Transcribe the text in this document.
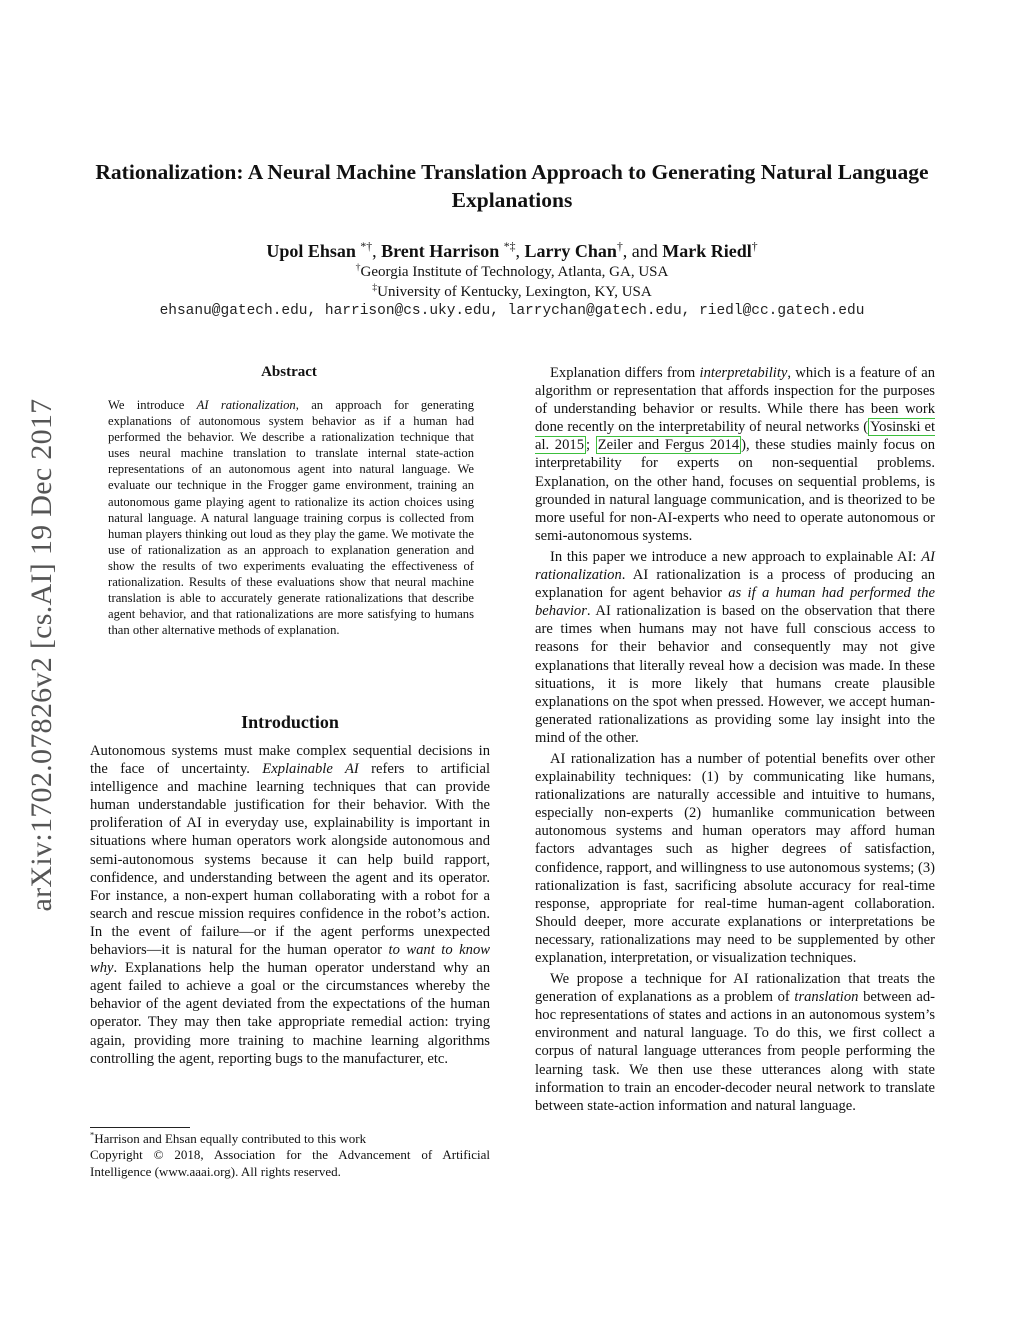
arXiv:1702.07826v2 [cs.AI] 19 Dec 2017
Rationalization: A Neural Machine Translation Approach to Generating Natural Language Explanations
Upol Ehsan *†, Brent Harrison *‡, Larry Chan†, and Mark Riedl†
†Georgia Institute of Technology, Atlanta, GA, USA
‡University of Kentucky, Lexington, KY, USA
ehsanu@gatech.edu, harrison@cs.uky.edu, larrychan@gatech.edu, riedl@cc.gatech.edu
Abstract

We introduce AI rationalization, an approach for generating explanations of autonomous system behavior as if a human had performed the behavior. We describe a rationalization technique that uses neural machine translation to translate internal state-action representations of an autonomous agent into natural language. We evaluate our technique in the Frogger game environment, training an autonomous game playing agent to rationalize its action choices using natural language. A natural language training corpus is collected from human players thinking out loud as they play the game. We motivate the use of rationalization as an approach to explanation generation and show the results of two experiments evaluating the effectiveness of rationalization. Results of these evaluations show that neural machine translation is able to accurately generate rationalizations that describe agent behavior, and that rationalizations are more satisfying to humans than other alternative methods of explanation.

Introduction

Autonomous systems must make complex sequential decisions in the face of uncertainty. Explainable AI refers to artificial intelligence and machine learning techniques that can provide human understandable justification for their behavior. With the proliferation of AI in everyday use, explainability is important in situations where human operators work alongside autonomous and semi-autonomous systems because it can help build rapport, confidence, and understanding between the agent and its operator. For instance, a non-expert human collaborating with a robot for a search and rescue mission requires confidence in the robot’s action. In the event of failure—or if the agent performs unexpected behaviors—it is natural for the human operator to want to know why. Explanations help the human operator understand why an agent failed to achieve a goal or the circumstances whereby the behavior of the agent deviated from the expectations of the human operator. They may then take appropriate remedial action: trying again, providing more training to machine learning algorithms controlling the agent, reporting bugs to the manufacturer, etc.

*Harrison and Ehsan equally contributed to this work

Copyright © 2018, Association for the Advancement of Artificial Intelligence (www.aaai.org). All rights reserved.

Explanation differs from interpretability, which is a feature of an algorithm or representation that affords inspection for the purposes of understanding behavior or results. While there has been work done recently on the interpretability of neural networks ( Yosinski et al. 2015 ; Zeiler and Fergus 2014 ), these studies mainly focus on interpretability for experts on non-sequential problems. Explanation, on the other hand, focuses on sequential problems, is grounded in natural language communication, and is theorized to be more useful for non-AI-experts who need to operate autonomous or semi-autonomous systems.

In this paper we introduce a new approach to explainable AI: AI rationalization. AI rationalization is a process of producing an explanation for agent behavior as if a human had performed the behavior. AI rationalization is based on the observation that there are times when humans may not have full conscious access to reasons for their behavior and consequently may not give explanations that literally reveal how a decision was made. In these situations, it is more likely that humans create plausible explanations on the spot when pressed. However, we accept human-generated rationalizations as providing some lay insight into the mind of the other.

AI rationalization has a number of potential benefits over other explainability techniques: (1) by communicating like humans, rationalizations are naturally accessible and intuitive to humans, especially non-experts (2) humanlike communication between autonomous systems and human operators may afford human factors advantages such as higher degrees of satisfaction, confidence, rapport, and willingness to use autonomous systems; (3) rationalization is fast, sacrificing absolute accuracy for real-time response, appropriate for real-time human-agent collaboration. Should deeper, more accurate explanations or interpretations be necessary, rationalizations may need to be supplemented by other explanation, interpretation, or visualization techniques.

We propose a technique for AI rationalization that treats the generation of explanations as a problem of translation between ad-hoc representations of states and actions in an autonomous system’s environment and natural language. To do this, we first collect a corpus of natural language utterances from people performing the learning task. We then use these utterances along with state information to train an encoder-decoder neural network to translate between state-action information and natural language.
